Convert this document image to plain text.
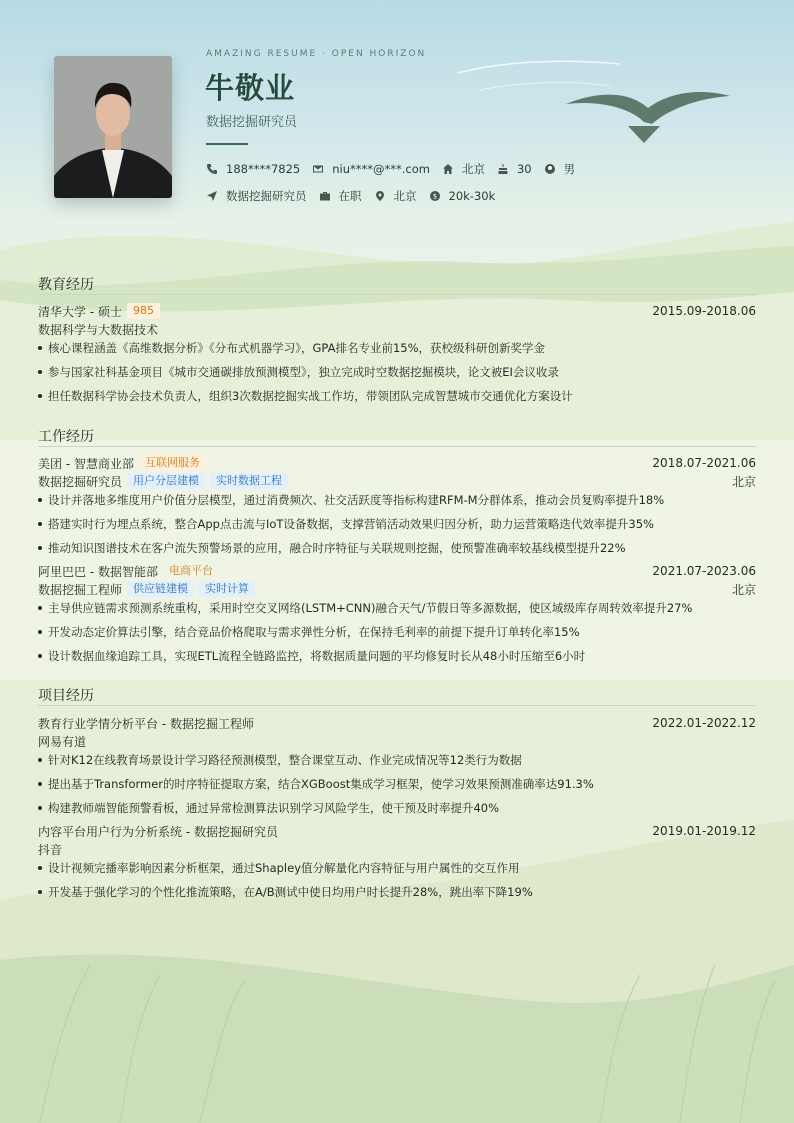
AMAZING RESUME · OPEN HORIZON
牛敬业
数据挖掘研究员
188****7825	niu****@***.com	北京	30	男
数据挖掘研究员	在职	北京 $ 20k-30k
教育经历
清华大学 - 硕士	985	2015.09-2018.06
数据科学与大数据技术
核心课程涵盖《高维数据分析》《分布式机器学习》，GPA排名专业前15%，获校级科研创新奖学金
参与国家社科基金项目《城市交通碳排放预测模型》，独立完成时空数据挖掘模块，论文被EI会议收录
担任数据科学协会技术负责人，组织3次数据挖掘实战工作坊，带领团队完成智慧城市交通优化方案设计
工作经历
美团 - 智慧商业部	互联网服务	2018.07-2021.06
数据挖掘研究员	用户分层建模	实时数据工程	北京
设计并落地多维度用户价值分层模型，通过消费频次、社交活跃度等指标构建RFM-M分群体系，推动会员复购率提升18%
搭建实时行为埋点系统，整合App点击流与IoT设备数据，支撑营销活动效果归因分析，助力运营策略迭代效率提升35%
推动知识图谱技术在客户流失预警场景的应用，融合时序特征与关联规则挖掘，使预警准确率较基线模型提升22%
阿里巴巴 - 数据智能部	电商平台	2021.07-2023.06
数据挖掘工程师	供应链建模	实时计算	北京
主导供应链需求预测系统重构，采用时空交叉网络(LSTM+CNN)融合天气/节假日等多源数据，使区域级库存周转效率提升27%
开发动态定价算法引擎，结合竞品价格爬取与需求弹性分析，在保持毛利率的前提下提升订单转化率15%
设计数据血缘追踪工具，实现ETL流程全链路监控，将数据质量问题的平均修复时长从48小时压缩至6小时
项目经历
教育行业学情分析平台 - 数据挖掘工程师	2022.01-2022.12
网易有道
针对K12在线教育场景设计学习路径预测模型，整合课堂互动、作业完成情况等12类行为数据
提出基于Transformer的时序特征提取方案，结合XGBoost集成学习框架，使学习效果预测准确率达91.3%
构建教师端智能预警看板，通过异常检测算法识别学习风险学生，使干预及时率提升40%
内容平台用户行为分析系统 - 数据挖掘研究员	2019.01-2019.12
抖音
设计视频完播率影响因素分析框架，通过Shapley值分解量化内容特征与用户属性的交互作用
开发基于强化学习的个性化推流策略，在A/B测试中使日均用户时长提升28%，跳出率下降19%
